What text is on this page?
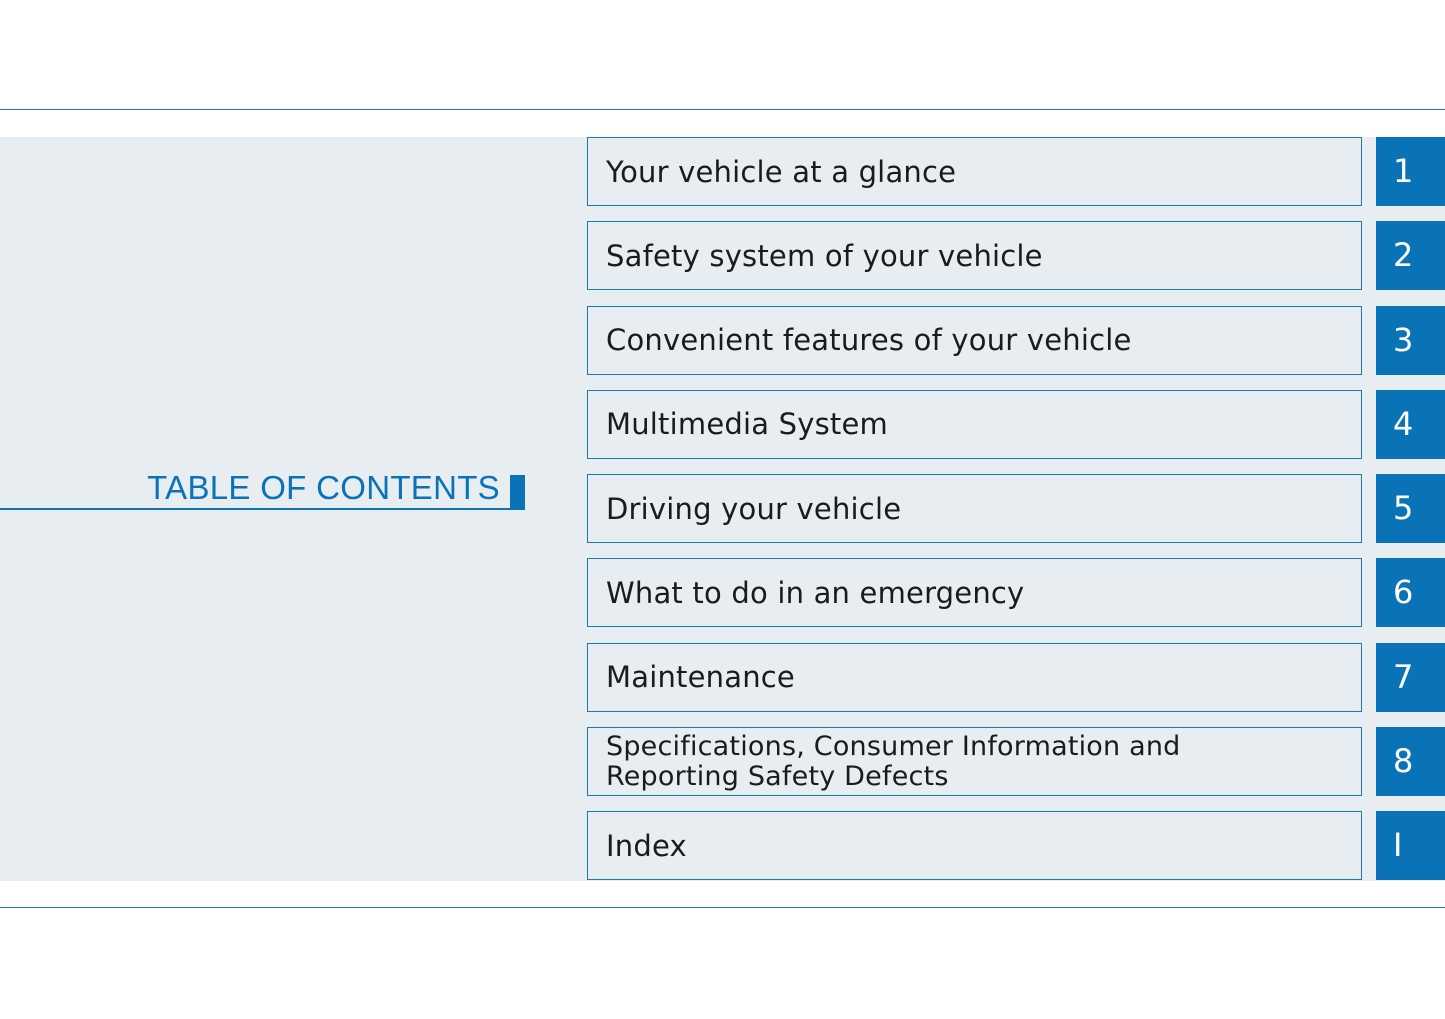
TABLE OF CONTENTS
Your vehicle at a glance	1
Safety system of your vehicle	2
Convenient features of your vehicle	3
Multimedia System	4
Driving your vehicle	5
What to do in an emergency	6
Maintenance	7
Specifications, Consumer Information and Reporting Safety Defects	8
Index	I
